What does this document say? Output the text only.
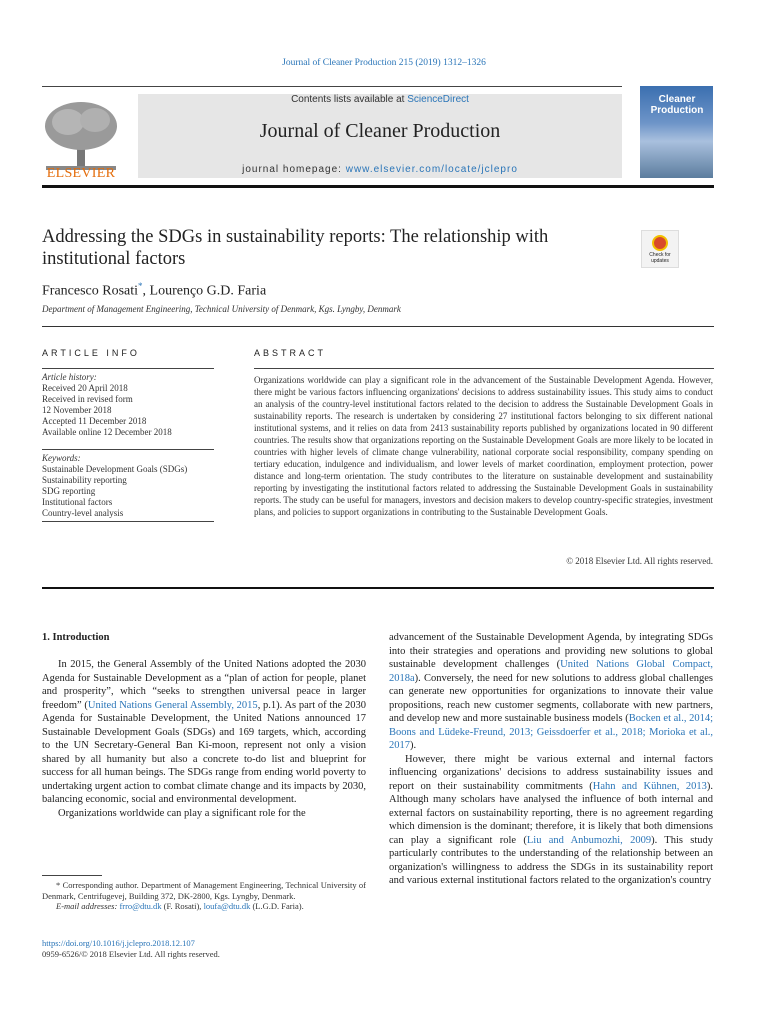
Journal of Cleaner Production 215 (2019) 1312–1326
ELSEVIER
Contents lists available at ScienceDirect
Journal of Cleaner Production
journal homepage: www.elsevier.com/locate/jclepro
Cleaner Production
Addressing the SDGs in sustainability reports: The relationship with institutional factors	Check for updates
Francesco Rosati*, Lourenço G.D. Faria
Department of Management Engineering, Technical University of Denmark, Kgs. Lyngby, Denmark
ARTICLE INFO	ABSTRACT
Article history:
Received 20 April 2018
Received in revised form
12 November 2018
Accepted 11 December 2018
Available online 12 December 2018
Keywords:
Sustainable Development Goals (SDGs)
Sustainability reporting
SDG reporting
Institutional factors
Country-level analysis
Organizations worldwide can play a significant role in the advancement of the Sustainable Development Agenda. However, there might be various factors influencing organizations' decisions to address sustainability issues. This study aims to conduct an analysis of the country-level institutional factors related to the decision to address the Sustainable Development Goals in sustainability reports. The research is undertaken by considering 27 institutional factors belonging to six different national institutional systems, and it relies on data from 2413 sustainability reports published by organizations located in 90 different countries. The results show that organizations reporting on the Sustainable Development Goals are more likely to be located in countries with higher levels of climate change vulnerability, national corporate social responsibility, company spending on tertiary education, indulgence and individualism, and lower levels of market coordination, employment protection, power distance and long-term orientation. The study contributes to the literature on sustainable development and sustainability reporting by investigating the institutional factors related to addressing the Sustainable Development Goals in sustainability reports. The study can be useful for managers, investors and decision makers to develop country-specific strategies, investment plans, and policies to support organizations in contributing to the Sustainable Development Goals.
© 2018 Elsevier Ltd. All rights reserved.
1. Introduction

In 2015, the General Assembly of the United Nations adopted the 2030 Agenda for Sustainable Development as a “plan of action for people, planet and prosperity”, which “seeks to strengthen universal peace in larger freedom” (United Nations General Assembly, 2015, p.1). As part of the 2030 Agenda for Sustainable Development, the United Nations announced 17 Sustainable Development Goals (SDGs) and 169 targets, which, according to the UN Secretary-General Ban Ki-moon, represent not only a vision shared by all humanity but also a concrete to-do list and blueprint for success for all human beings. The SDGs range from ending world poverty to undertaking urgent action to combat climate change and its impacts by 2030, balancing economic, social and environmental development.

Organizations worldwide can play a significant role for the

advancement of the Sustainable Development Agenda, by integrating SDGs into their strategies and operations and providing new solutions to global sustainable development challenges (United Nations Global Compact, 2018a). Conversely, the need for new solutions to address global challenges can generate new opportunities for organizations to innovate their value propositions, reach new customer segments, collaborate with new partners, and develop new and more sustainable business models (Bocken et al., 2014; Boons and Lüdeke-Freund, 2013; Geissdoerfer et al., 2018; Morioka et al., 2017).

However, there might be various external and internal factors influencing organizations' decisions to address sustainability issues and report on their sustainability commitments (Hahn and Kühnen, 2013). Although many scholars have analysed the influence of both internal and external factors on sustainability reporting, there is no agreement regarding which dimension is the dominant; therefore, it is likely that both dimensions can play a significant role (Liu and Anbumozhi, 2009). This study particularly contributes to the understanding of the relationship between an organization's willingness to address the SDGs in its sustainability report and various external institutional factors related to the organization's country

* Corresponding author. Department of Management Engineering, Technical University of Denmark, Centrifugevej, Building 372, DK-2800, Kgs. Lyngby, Denmark.
E-mail addresses: frro@dtu.dk (F. Rosati), loufa@dtu.dk (L.G.D. Faria).
https://doi.org/10.1016/j.jclepro.2018.12.107
0959-6526/© 2018 Elsevier Ltd. All rights reserved.
